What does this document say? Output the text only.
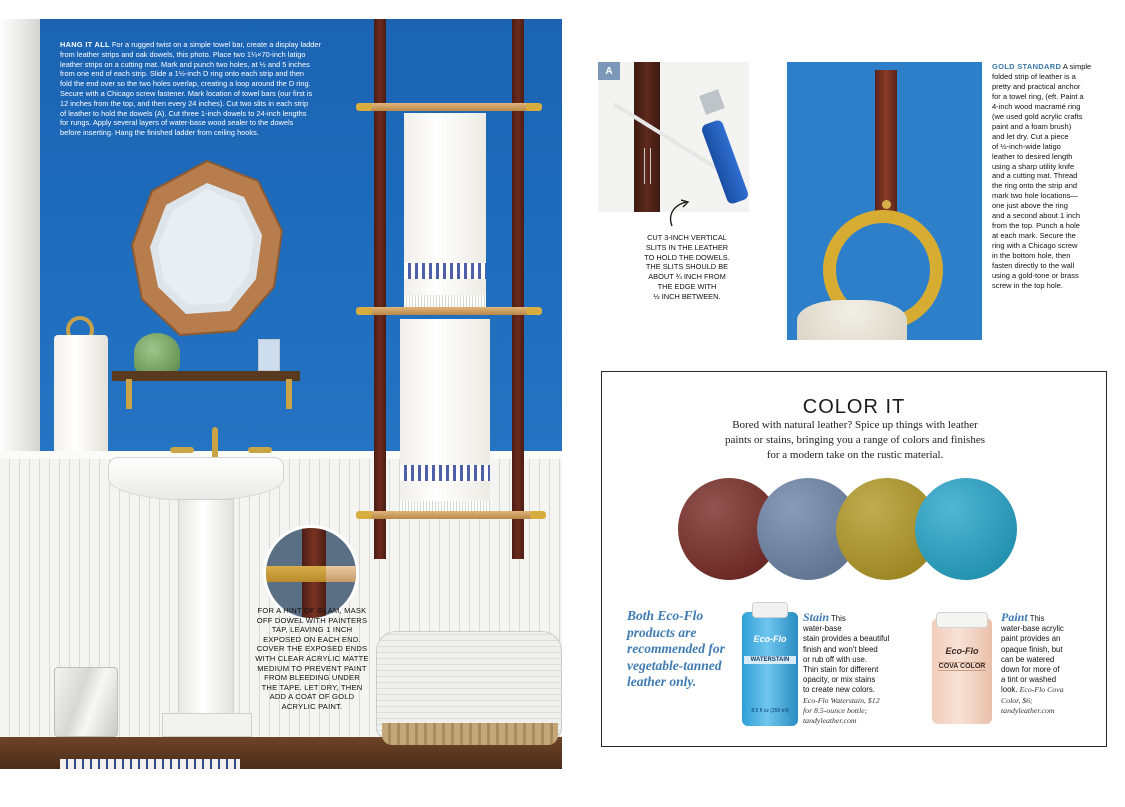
HANG IT ALL For a rugged twist on a simple towel bar, create a display ladder
from leather strips and oak dowels, this photo. Place two 1¼×70-inch latigo
leather strips on a cutting mat. Mark and punch two holes, at ½ and 5 inches
from one end of each strip. Slide a 1½-inch D ring onto each strip and then
fold the end over so the two holes overlap, creating a loop around the D ring.
Secure with a Chicago screw fastener. Mark location of towel bars (our first is
12 inches from the top, and then every 24 inches). Cut two slits in each strip
of leather to hold the dowels (A). Cut three 1-inch dowels to 24-inch lengths
for rungs. Apply several layers of water-base wood sealer to the dowels
before inserting. Hang the finished ladder from ceiling hooks.
FOR A HINT OF GLAM, MASK
OFF DOWEL WITH PAINTERS
TAP, LEAVING 1 INCH
EXPOSED ON EACH END.
COVER THE EXPOSED ENDS
WITH CLEAR ACRYLIC MATTE
MEDIUM TO PREVENT PAINT
FROM BLEEDING UNDER
THE TAPE. LET DRY, THEN
ADD A COAT OF GOLD
ACRYLIC PAINT.
A
CUT 3-INCH VERTICAL
SLITS IN THE LEATHER
TO HOLD THE DOWELS.
THE SLITS SHOULD BE
ABOUT ¾ INCH FROM
THE EDGE WITH
½ INCH BETWEEN.
GOLD STANDARD A simple
folded strip of leather is a
pretty and practical anchor
for a towel ring, (eft. Paint a
4-inch wood macramé ring
(we used gold acrylic crafts
paint and a foam brush)
and let dry. Cut a piece
of ½-inch-wide latigo
leather to desired length
using a sharp utility knife
and a cutting mat. Thread
the ring onto the strip and
mark two hole locations—
one just above the ring
and a second about 1 inch
from the top. Punch a hole
at each mark. Secure the
ring with a Chicago screw
in the bottom hole, then
fasten directly to the wall
using a gold-tone or brass
screw in the top hole.
COLOR IT
Bored with natural leather? Spice up things with leather
paints or stains, bringing you a range of colors and finishes
for a modern take on the rustic material.
Both Eco-Flo
products are
recommended for
vegetable-tanned
leather only.
Eco-Flo
WATERSTAIN
8.5 fl oz (250 ml)
Stain This
water-base
stain provides a beautiful
finish and won't bleed
or rub off with use.
Thin stain for different
opacity, or mix stains
to create new colors.
Eco-Flo Waterstain, $12
for 8.5-ounce bottle;
tandyleather.com
Eco-Flo
COVA COLOR
Paint This
water-base acrylic
paint provides an
opaque finish, but
can be watered
down for more of
a tint or washed
look. Eco-Flo Cova
Color, $6;
tandyleather.com
